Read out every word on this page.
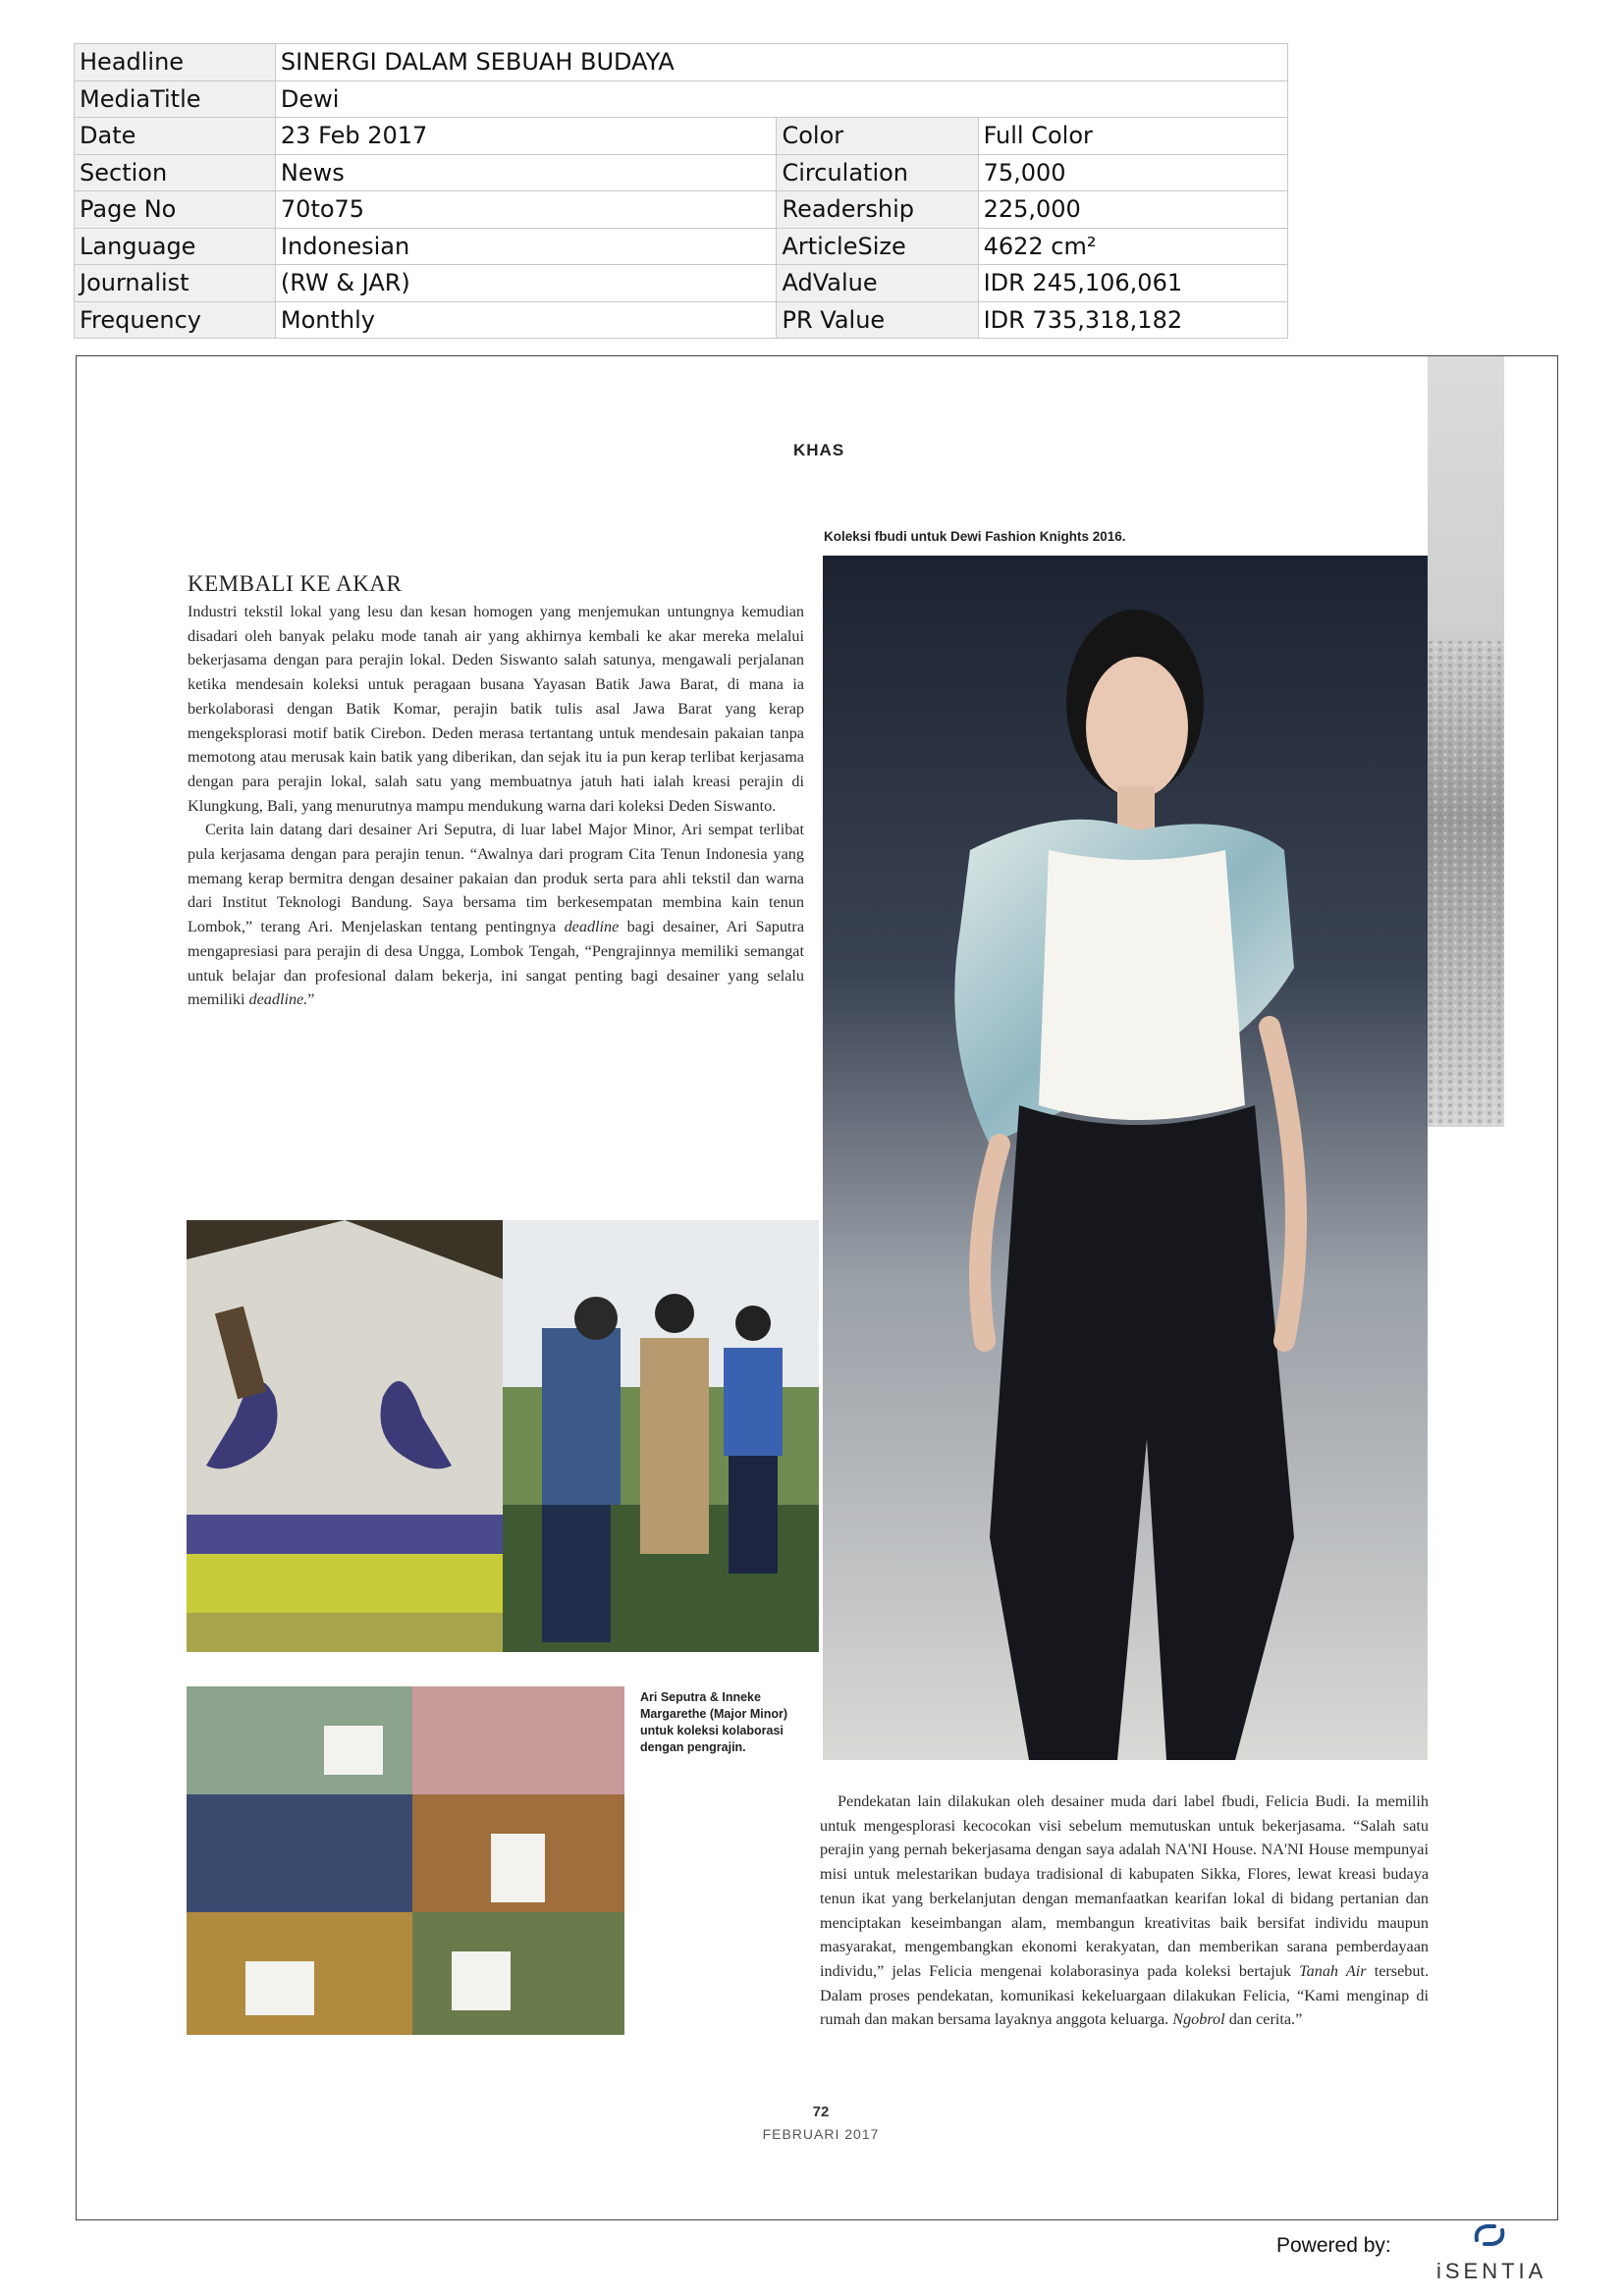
Headline	SINERGI DALAM SEBUAH BUDAYA		
MediaTitle	Dewi		
Date	23 Feb 2017	Color	Full Color
Section	News	Circulation	75,000
Page No	70to75	Readership	225,000
Language	Indonesian	ArticleSize	4622 cm²
Journalist	(RW & JAR)	AdValue	IDR 245,106,061
Frequency	Monthly	PR Value	IDR 735,318,182
KHAS
Koleksi fbudi untuk Dewi Fashion Knights 2016.
KEMBALI KE AKAR

Industri tekstil lokal yang lesu dan kesan homogen yang menjemukan untungnya kemudian disadari oleh banyak pelaku mode tanah air yang akhirnya kembali ke akar mereka melalui bekerjasama dengan para perajin lokal. Deden Siswanto salah satunya, mengawali perjalanan ketika mendesain koleksi untuk peragaan busana Yayasan Batik Jawa Barat, di mana ia berkolaborasi dengan Batik Komar, perajin batik tulis asal Jawa Barat yang kerap mengeksplorasi motif batik Cirebon. Deden merasa tertantang untuk mendesain pakaian tanpa memotong atau merusak kain batik yang diberikan, dan sejak itu ia pun kerap terlibat kerjasama dengan para perajin lokal, salah satu yang membuatnya jatuh hati ialah kreasi perajin di Klungkung, Bali, yang menurutnya mampu mendukung warna dari koleksi Deden Siswanto.

Cerita lain datang dari desainer Ari Seputra, di luar label Major Minor, Ari sempat terlibat pula kerjasama dengan para perajin tenun. “Awalnya dari program Cita Tenun Indonesia yang memang kerap bermitra dengan desainer pakaian dan produk serta para ahli tekstil dan warna dari Institut Teknologi Bandung. Saya bersama tim berkesempatan membina kain tenun Lombok,” terang Ari. Menjelaskan tentang pentingnya deadline bagi desainer, Ari Saputra mengapresiasi para perajin di desa Ungga, Lombok Tengah, “Pengrajinnya memiliki semangat untuk belajar dan profesional dalam bekerja, ini sangat penting bagi desainer yang selalu memiliki deadline.”

Ari Seputra & Inneke Margarethe (Major Minor) untuk koleksi kolaborasi dengan pengrajin.

Pendekatan lain dilakukan oleh desainer muda dari label fbudi, Felicia Budi. Ia memilih untuk mengesplorasi kecocokan visi sebelum memutuskan untuk bekerjasama. “Salah satu perajin yang pernah bekerjasama dengan saya adalah NA'NI House. NA'NI House mempunyai misi untuk melestarikan budaya tradisional di kabupaten Sikka, Flores, lewat kreasi budaya tenun ikat yang berkelanjutan dengan memanfaatkan kearifan lokal di bidang pertanian dan menciptakan keseimbangan alam, membangun kreativitas baik bersifat individu maupun masyarakat, mengembangkan ekonomi kerakyatan, dan memberikan sarana pemberdayaan individu,” jelas Felicia mengenai kolaborasinya pada koleksi bertajuk Tanah Air tersebut. Dalam proses pendekatan, komunikasi kekeluargaan dilakukan Felicia, “Kami menginap di rumah dan makan bersama layaknya anggota keluarga. Ngobrol dan cerita.”

72
FEBRUARI 2017
Powered by:
iSENTIA
